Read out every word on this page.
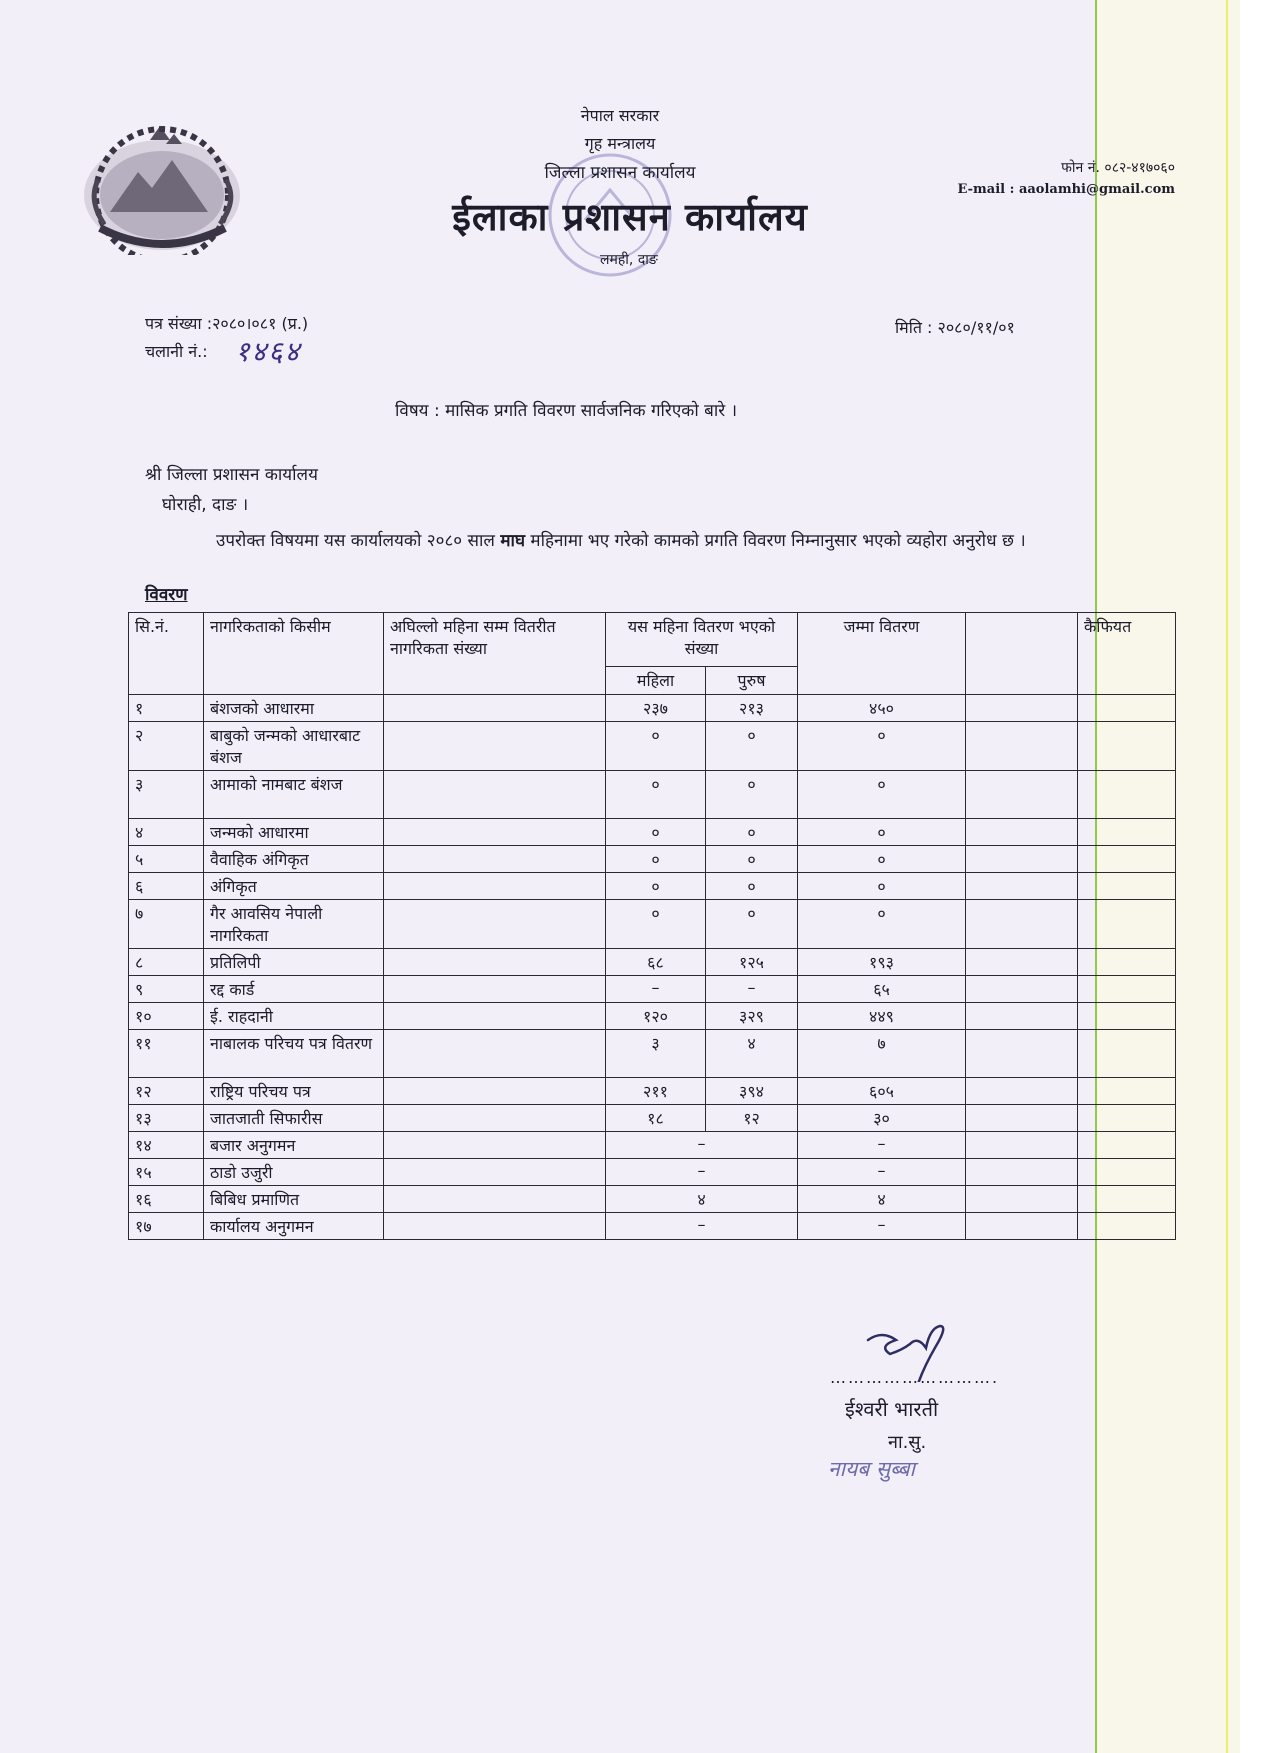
नेपाल सरकार
गृह मन्त्रालय
जिल्ला प्रशासन कार्यालय
ईलाका प्रशासन कार्यालय
लमही, दाङ
फोन नं. ०८२-४१७०६०
E-mail : aaolamhi@gmail.com
पत्र संख्या :२०८०।०८१ (प्र.)
चलानी नं.: १४६४
मिति : २०८०/११/०१
विषय : मासिक प्रगति विवरण सार्वजनिक गरिएको बारे ।
श्री जिल्ला प्रशासन कार्यालय
घोराही, दाङ ।
उपरोक्त विषयमा यस कार्यालयको २०८० साल माघ महिनामा भए गरेको कामको प्रगति विवरण निम्नानुसार भएको व्यहोरा अनुरोध छ ।
विवरण
सि.नं.	नागरिकताको किसीम	अघिल्लो महिना सम्म वितरीत नागरिकता संख्या	यस महिना वितरण भएको संख्या		जम्मा वितरण		कैफियत
			महिला	पुरुष			
१	बंशजको आधारमा		२३७	२१३	४५०		
२	बाबुको जन्मको आधारबाट बंशज		०	०	०		
३	आमाको नामबाट बंशज		०	०	०		
४	जन्मको आधारमा		०	०	०		
५	वैवाहिक अंगिकृत		०	०	०		
६	अंगिकृत		०	०	०		
७	गैर आवसिय नेपाली नागरिकता		०	०	०		
८	प्रतिलिपी		६८	१२५	१९३		
९	रद्द कार्ड		–	–	६५		
१०	ई. राहदानी		१२०	३२९	४४९		
११	नाबालक परिचय पत्र वितरण		३	४	७		
१२	राष्ट्रिय परिचय पत्र		२११	३९४	६०५		
१३	जातजाती सिफारीस		१८	१२	३०		
१४	बजार अनुगमन		–		–		
१५	ठाडो उजुरी		–		–		
१६	बिबिध प्रमाणित		४		४		
१७	कार्यालय अनुगमन		–		–		
……………………….
ईश्वरी भारती
ना.सु.
नायब सुब्बा
